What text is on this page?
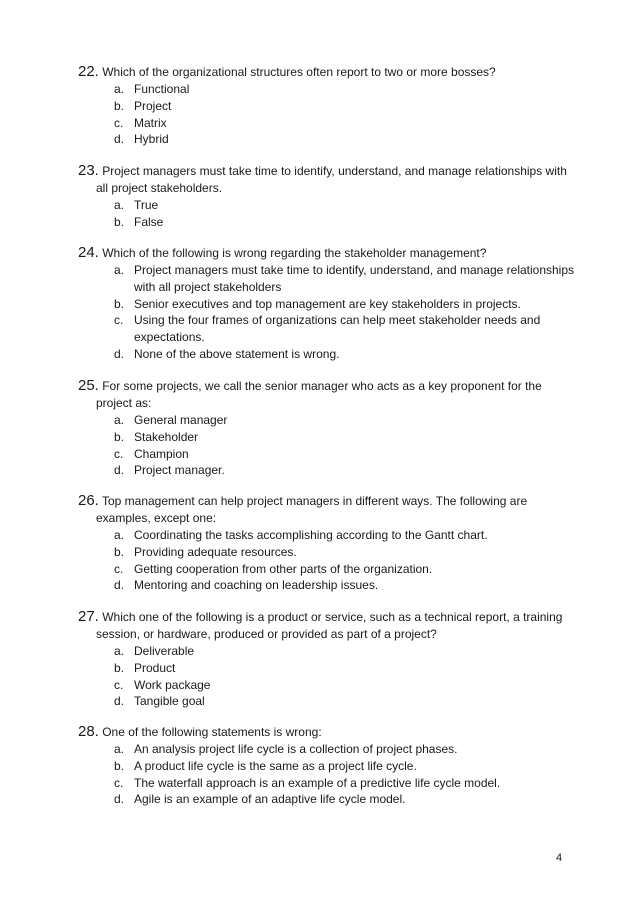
22. Which of the organizational structures often report to two or more bosses?
a. Functional
b. Project
c. Matrix
d. Hybrid
23. Project managers must take time to identify, understand, and manage relationships with all project stakeholders.
a. True
b. False
24. Which of the following is wrong regarding the stakeholder management?
a. Project managers must take time to identify, understand, and manage relationships with all project stakeholders
b. Senior executives and top management are key stakeholders in projects.
c. Using the four frames of organizations can help meet stakeholder needs and expectations.
d. None of the above statement is wrong.
25. For some projects, we call the senior manager who acts as a key proponent for the project as:
a. General manager
b. Stakeholder
c. Champion
d. Project manager.
26. Top management can help project managers in different ways. The following are examples, except one:
a. Coordinating the tasks accomplishing according to the Gantt chart.
b. Providing adequate resources.
c. Getting cooperation from other parts of the organization.
d. Mentoring and coaching on leadership issues.
27. Which one of the following is a product or service, such as a technical report, a training session, or hardware, produced or provided as part of a project?
a. Deliverable
b. Product
c. Work package
d. Tangible goal
28. One of the following statements is wrong:
a. An analysis project life cycle is a collection of project phases.
b. A product life cycle is the same as a project life cycle.
c. The waterfall approach is an example of a predictive life cycle model.
d. Agile is an example of an adaptive life cycle model.
4
